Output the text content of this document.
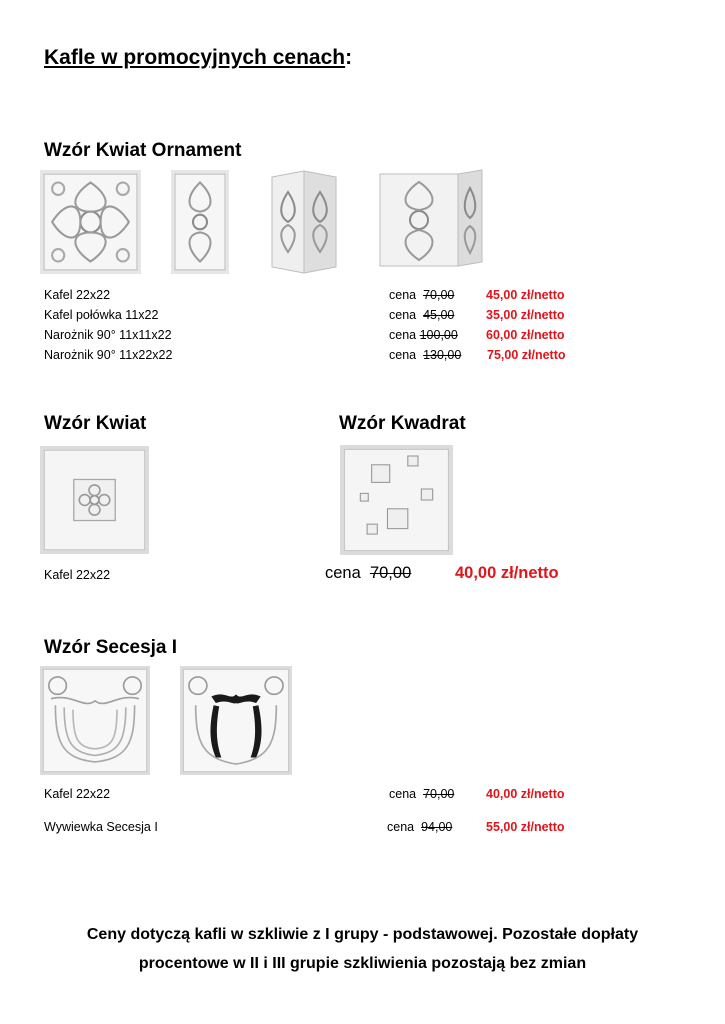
Kafle w promocyjnych cenach:
Wzór Kwiat Ornament
Kafel 22x22	cena 70,00	45,00 zł/netto
Kafel połówka 11x22	cena 45,00	35,00 zł/netto
Narożnik 90° 11x11x22	cena 100,00 60,00 zł/netto
Narożnik 90° 11x22x22	cena 130,00 75,00 zł/netto
Wzór Kwiat	Wzór Kwadrat
Kafel 22x22	cena 70,00	40,00 zł/netto
Wzór Secesja I
Kafel 22x22	cena 70,00	40,00 zł/netto
Wywiewka Secesja I	cena 94,00	55,00 zł/netto
Ceny dotyczą kafli w szkliwie z I grupy - podstawowej. Pozostałe dopłaty
procentowe w II i III grupie szkliwienia pozostają bez zmian
